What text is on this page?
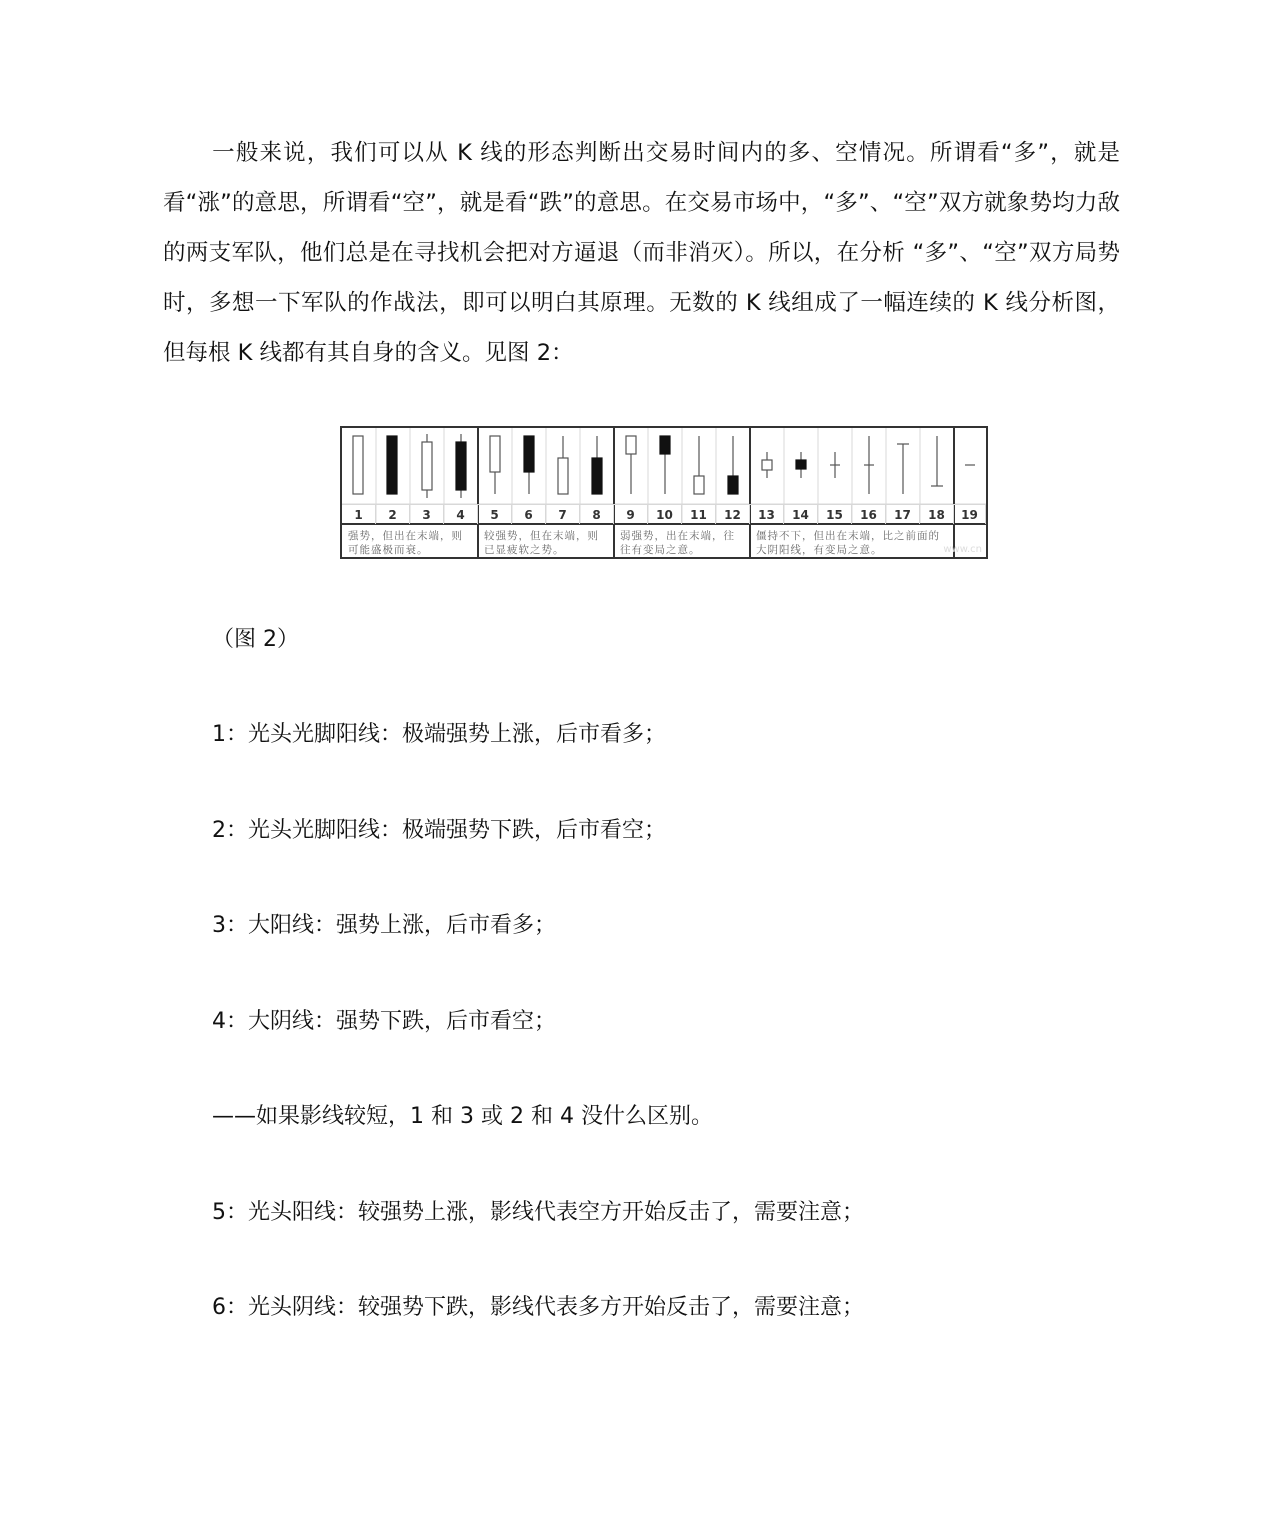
一般来说，我们可以从 K 线的形态判断出交易时间内的多、空情况。所谓看“多”，就是看“涨”的意思，所谓看“空”，就是看“跌”的意思。在交易市场中，“多”、“空”双方就象势均力敌的两支军队，他们总是在寻找机会把对方逼退（而非消灭）。所以，在分析 “多”、“空”双方局势时，多想一下军队的作战法，即可以明白其原理。无数的 K 线组成了一幅连续的 K 线分析图，但每根 K 线都有其自身的含义。见图 2：
1	2	3	4	5	6	7	8	9	10	11	12	13	14	15	16	17	18	19
强势，但出在末端，则可能盛极而衰。
较强势，但在末端，则已显疲软之势。
弱强势，出在末端，往往有变局之意。
僵持不下，但出在末端，比之前面的大阴阳线，有变局之意。	www.cn
（图 2）
1：光头光脚阳线：极端强势上涨，后市看多；
2：光头光脚阳线：极端强势下跌，后市看空；
3：大阳线：强势上涨，后市看多；
4：大阴线：强势下跌，后市看空；
——如果影线较短，1 和 3 或 2 和 4 没什么区别。
5：光头阳线：较强势上涨，影线代表空方开始反击了，需要注意；
6：光头阴线：较强势下跌，影线代表多方开始反击了，需要注意；
